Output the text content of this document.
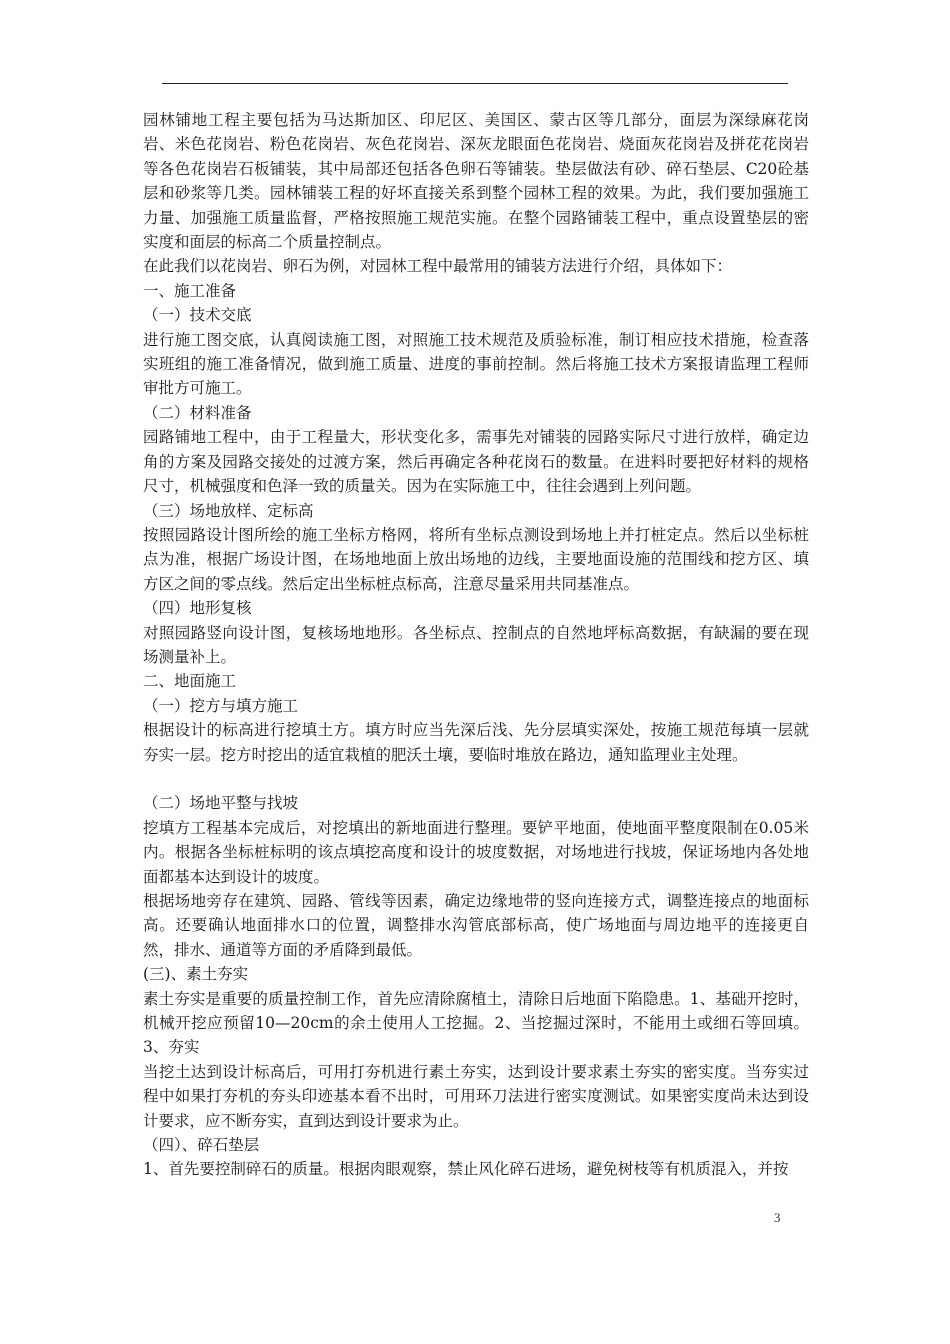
园林铺地工程主要包括为马达斯加区、印尼区、美国区、蒙古区等几部分，面层为深绿麻花岗岩、米色花岗岩、粉色花岗岩、灰色花岗岩、深灰龙眼面色花岗岩、烧面灰花岗岩及拼花花岗岩等各色花岗岩石板铺装，其中局部还包括各色卵石等铺装。垫层做法有砂、碎石垫层、C20砼基层和砂浆等几类。园林铺装工程的好坏直接关系到整个园林工程的效果。为此，我们要加强施工力量、加强施工质量监督，严格按照施工规范实施。在整个园路铺装工程中，重点设置垫层的密实度和面层的标高二个质量控制点。

在此我们以花岗岩、卵石为例，对园林工程中最常用的铺装方法进行介绍，具体如下：

一、施工准备

（一）技术交底

进行施工图交底，认真阅读施工图，对照施工技术规范及质验标准，制订相应技术措施，检查落实班组的施工准备情况，做到施工质量、进度的事前控制。然后将施工技术方案报请监理工程师审批方可施工。

（二）材料准备

园路铺地工程中，由于工程量大，形状变化多，需事先对铺装的园路实际尺寸进行放样，确定边角的方案及园路交接处的过渡方案，然后再确定各种花岗石的数量。在进料时要把好材料的规格尺寸，机械强度和色泽一致的质量关。因为在实际施工中，往往会遇到上列问题。

（三）场地放样、定标高

按照园路设计图所绘的施工坐标方格网，将所有坐标点测设到场地上并打桩定点。然后以坐标桩点为准，根据广场设计图，在场地地面上放出场地的边线，主要地面设施的范围线和挖方区、填方区之间的零点线。然后定出坐标桩点标高，注意尽量采用共同基准点。

（四）地形复核

对照园路竖向设计图，复核场地地形。各坐标点、控制点的自然地坪标高数据，有缺漏的要在现场测量补上。

二、地面施工

（一）挖方与填方施工

根据设计的标高进行挖填土方。填方时应当先深后浅、先分层填实深处，按施工规范每填一层就夯实一层。挖方时挖出的适宜栽植的肥沃土壤，要临时堆放在路边，通知监理业主处理。

（二）场地平整与找坡

挖填方工程基本完成后，对挖填出的新地面进行整理。要铲平地面，使地面平整度限制在0.05米内。根据各坐标桩标明的该点填挖高度和设计的坡度数据，对场地进行找坡，保证场地内各处地面都基本达到设计的坡度。

根据场地旁存在建筑、园路、管线等因素，确定边缘地带的竖向连接方式，调整连接点的地面标高。还要确认地面排水口的位置，调整排水沟管底部标高，使广场地面与周边地平的连接更自然，排水、通道等方面的矛盾降到最低。

(三)、素土夯实

素土夯实是重要的质量控制工作，首先应清除腐植土，清除日后地面下陷隐患。1、基础开挖时，机械开挖应预留10—20cm的余土使用人工挖掘。2、当挖掘过深时，不能用土或细石等回填。3、夯实

当挖土达到设计标高后，可用打夯机进行素土夯实，达到设计要求素土夯实的密实度。当夯实过程中如果打夯机的夯头印迹基本看不出时，可用环刀法进行密实度测试。如果密实度尚未达到设计要求，应不断夯实，直到达到设计要求为止。

（四）、碎石垫层

1、首先要控制碎石的质量。根据肉眼观察，禁止风化碎石进场，避免树枝等有机质混入，并按

3
